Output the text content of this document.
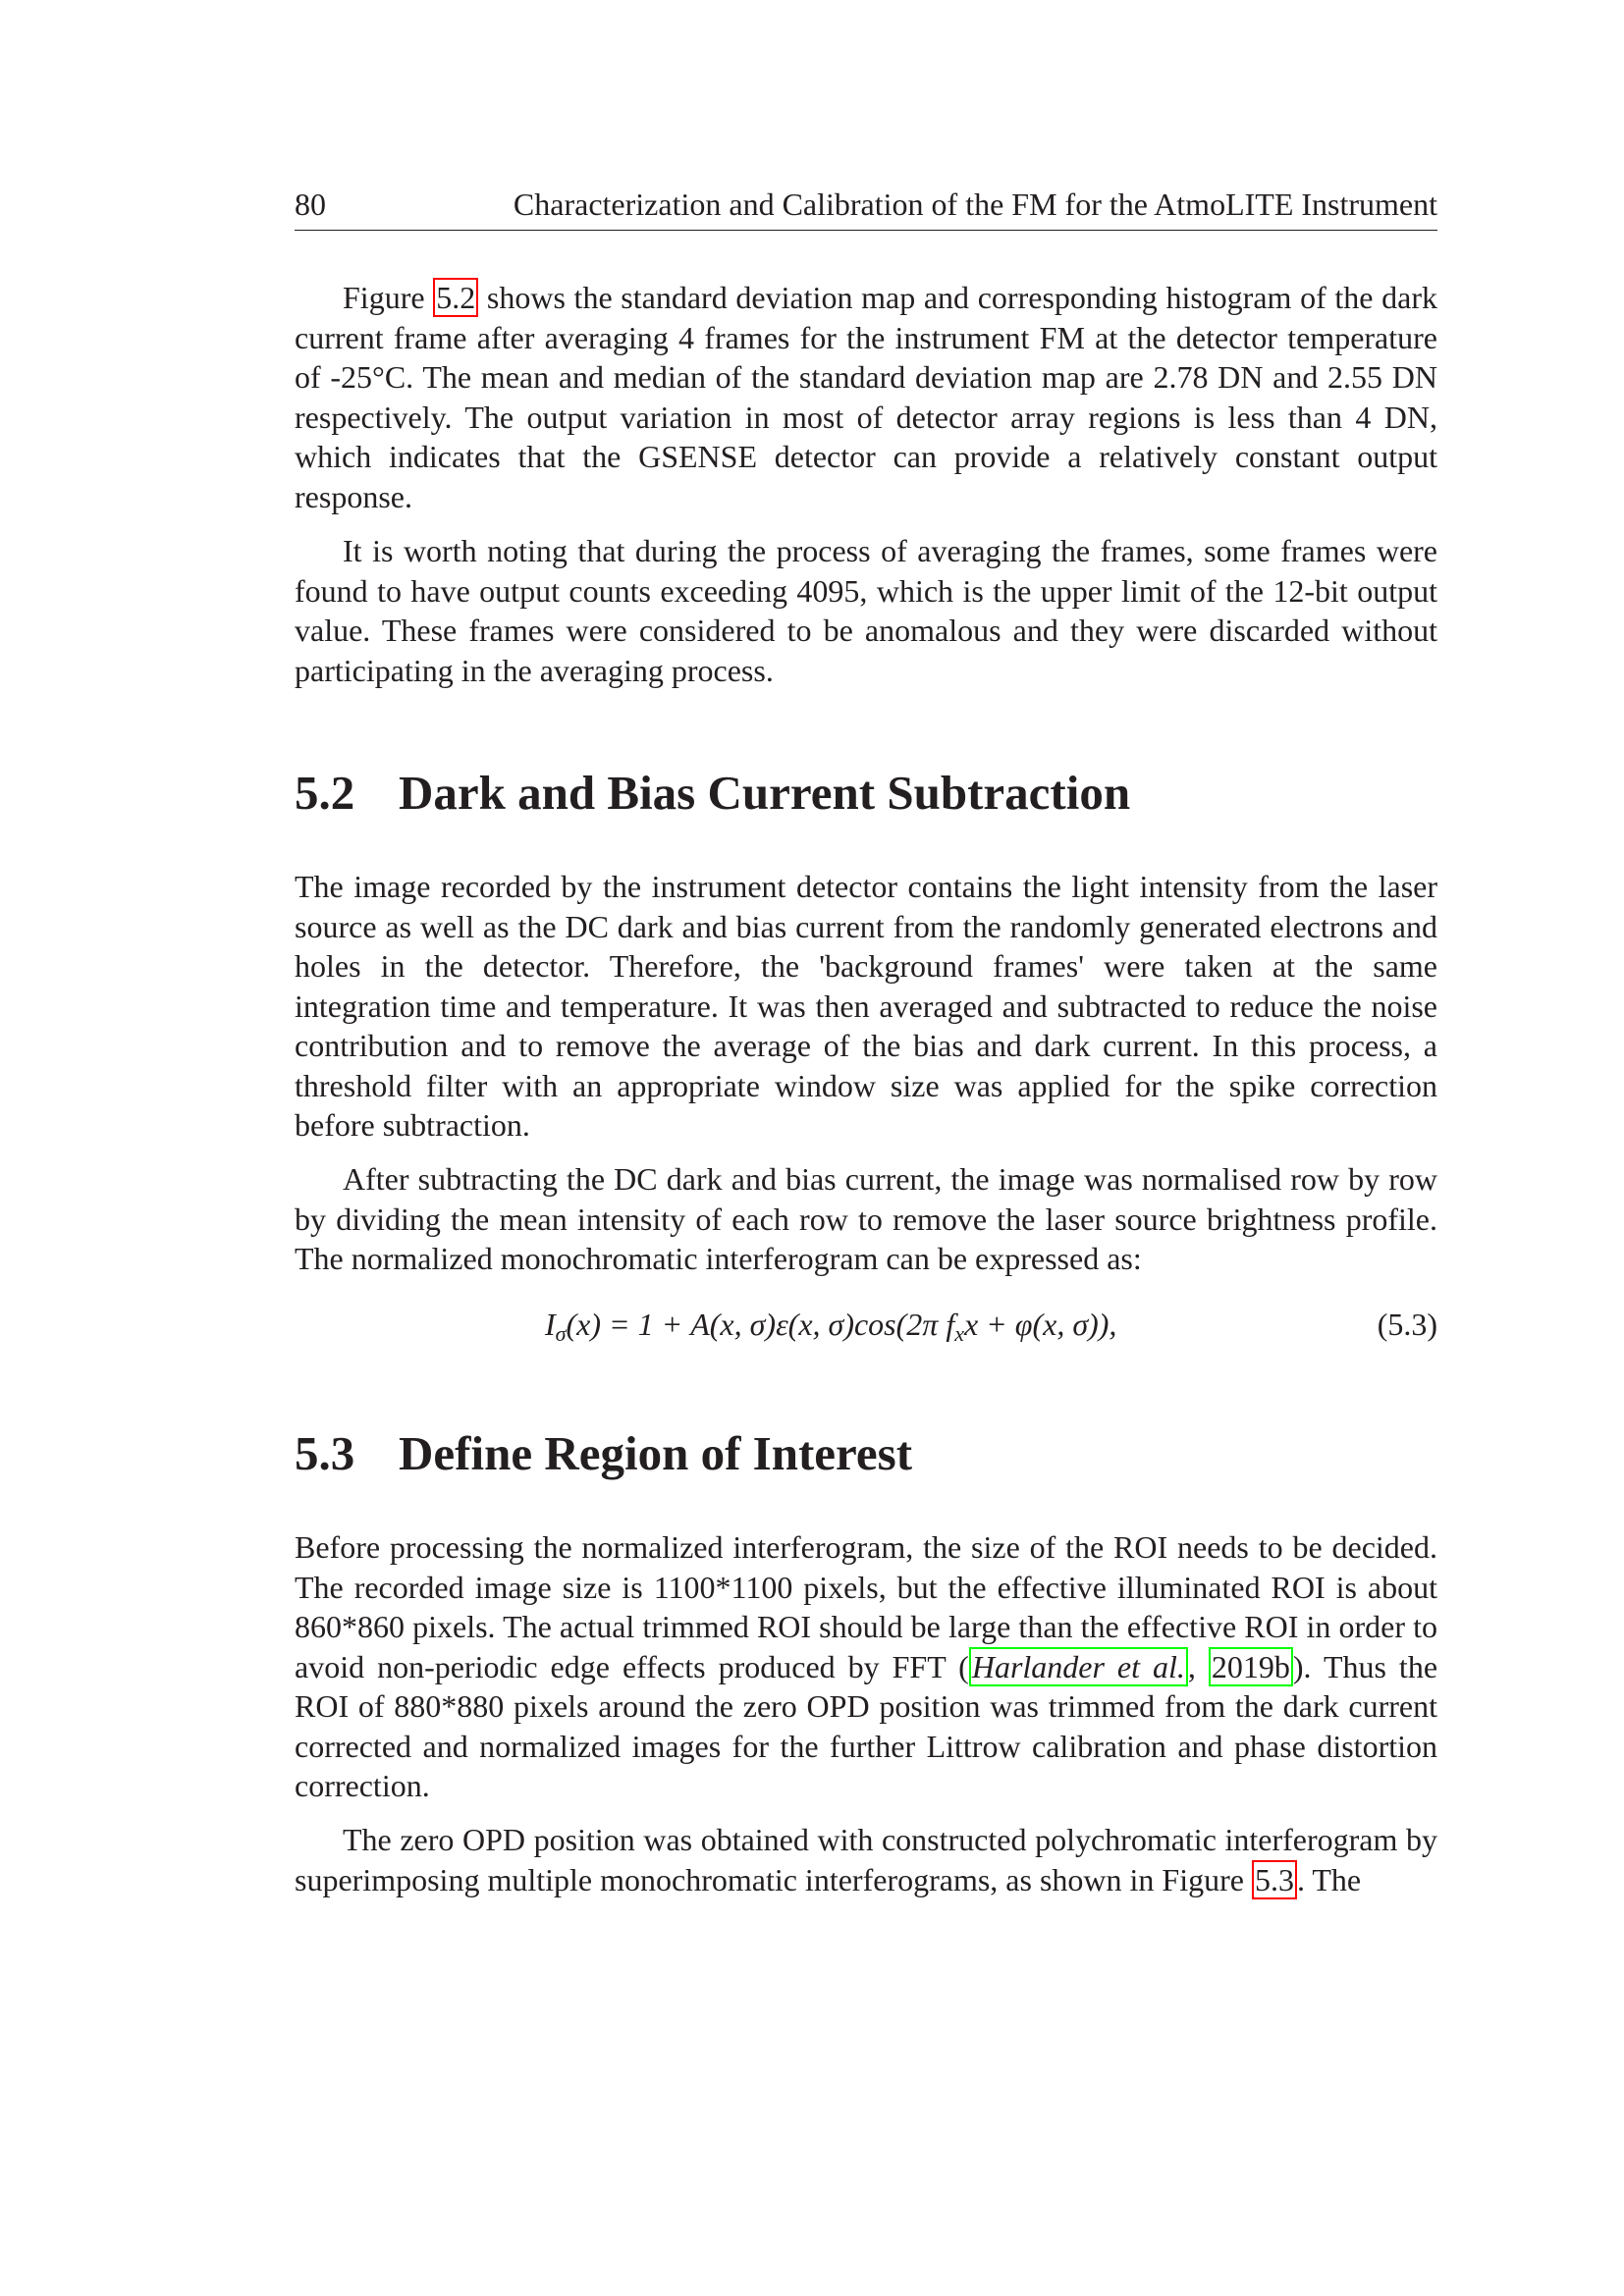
80	Characterization and Calibration of the FM for the AtmoLITE Instrument

Figure 5.2 shows the standard deviation map and corresponding histogram of the dark current frame after averaging 4 frames for the instrument FM at the detector temperature of -25°C. The mean and median of the standard deviation map are 2.78 DN and 2.55 DN respectively. The output variation in most of detector array regions is less than 4 DN, which indicates that the GSENSE detector can provide a relatively constant output response.

It is worth noting that during the process of averaging the frames, some frames were found to have output counts exceeding 4095, which is the upper limit of the 12-bit output value. These frames were considered to be anomalous and they were discarded without participating in the averaging process.

5.2 Dark and Bias Current Subtraction

The image recorded by the instrument detector contains the light intensity from the laser source as well as the DC dark and bias current from the randomly generated electrons and holes in the detector. Therefore, the 'background frames' were taken at the same integration time and temperature. It was then averaged and subtracted to reduce the noise contribution and to remove the average of the bias and dark current. In this process, a threshold filter with an appropriate window size was applied for the spike correction before subtraction.

After subtracting the DC dark and bias current, the image was normalised row by row by dividing the mean intensity of each row to remove the laser source brightness profile. The normalized monochromatic interferogram can be expressed as:

$I_\sigma(x) = 1 + A(x$, σ)ε(x, σ)cos(2π $f_xx + \varphi(x$, σ)),	(5.3)
5.3 Define Region of Interest

Before processing the normalized interferogram, the size of the ROI needs to be decided. The recorded image size is 1100*1100 pixels, but the effective illuminated ROI is about 860*860 pixels. The actual trimmed ROI should be large than the effective ROI in order to avoid non-periodic edge effects produced by FFT (Harlander et al., 2019b). Thus the ROI of 880*880 pixels around the zero OPD position was trimmed from the dark current corrected and normalized images for the further Littrow calibration and phase distortion correction.

The zero OPD position was obtained with constructed polychromatic interferogram by superimposing multiple monochromatic interferograms, as shown in Figure 5.3. The
